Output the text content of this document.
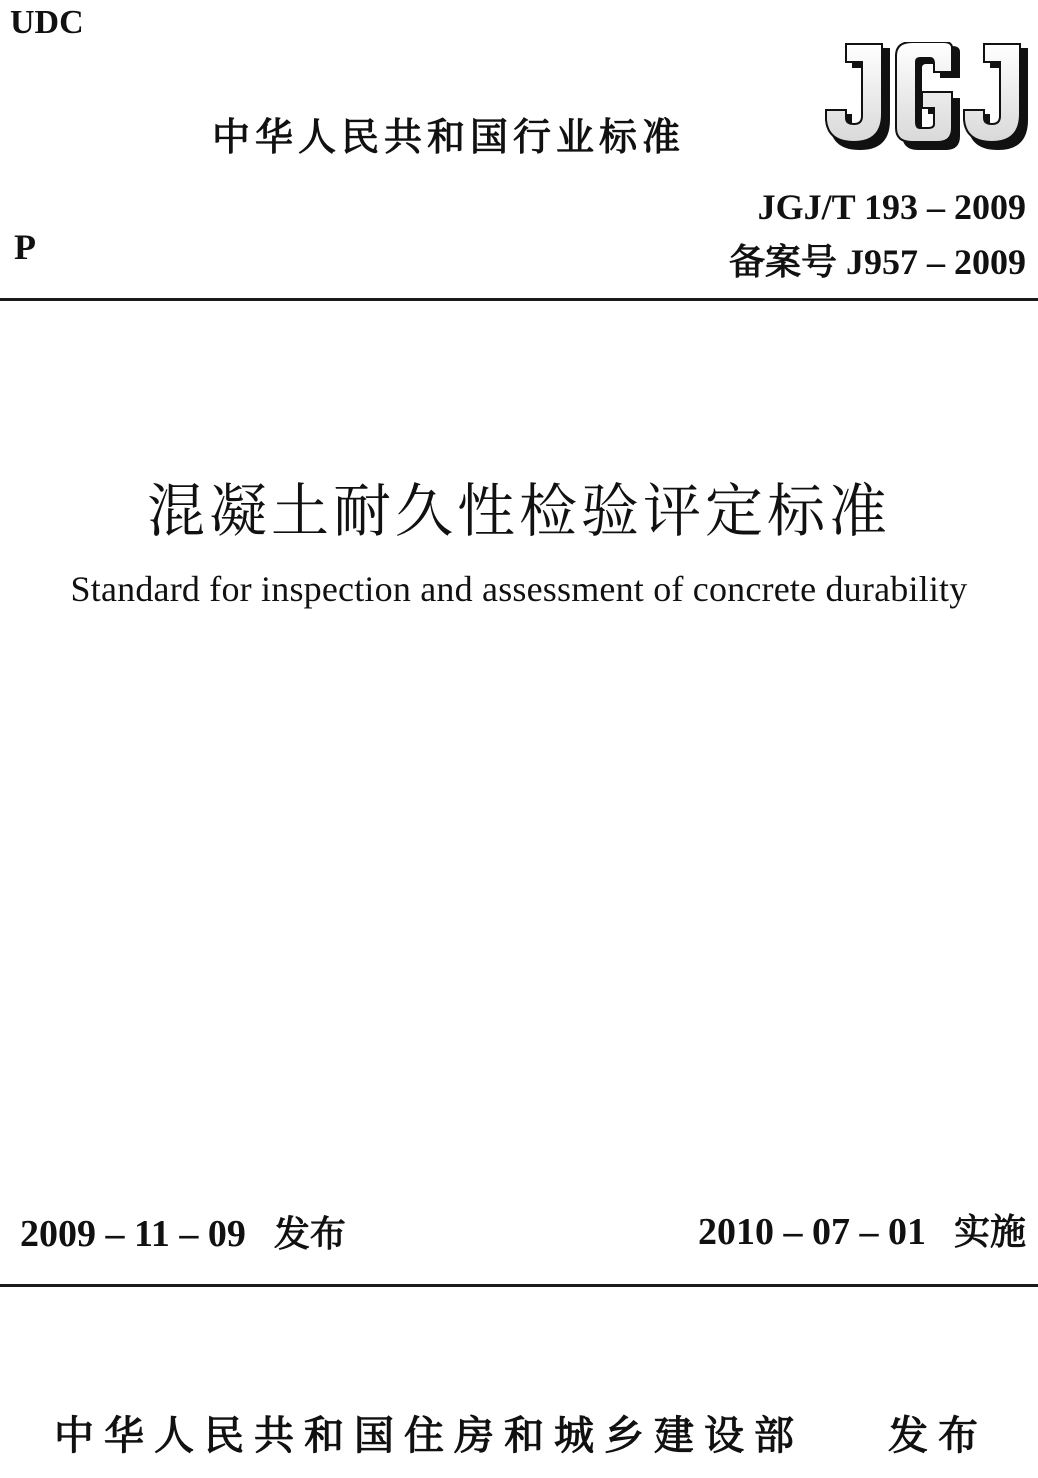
UDC
中华人民共和国行业标准
P
JGJ/T 193 – 2009
备案号 J957 – 2009
混凝土耐久性检验评定标准
Standard for inspection and assessment of concrete durability
2009 – 11 – 09 发布	2010 – 07 – 01 实施
中华人民共和国住房和城乡建设部 发布
